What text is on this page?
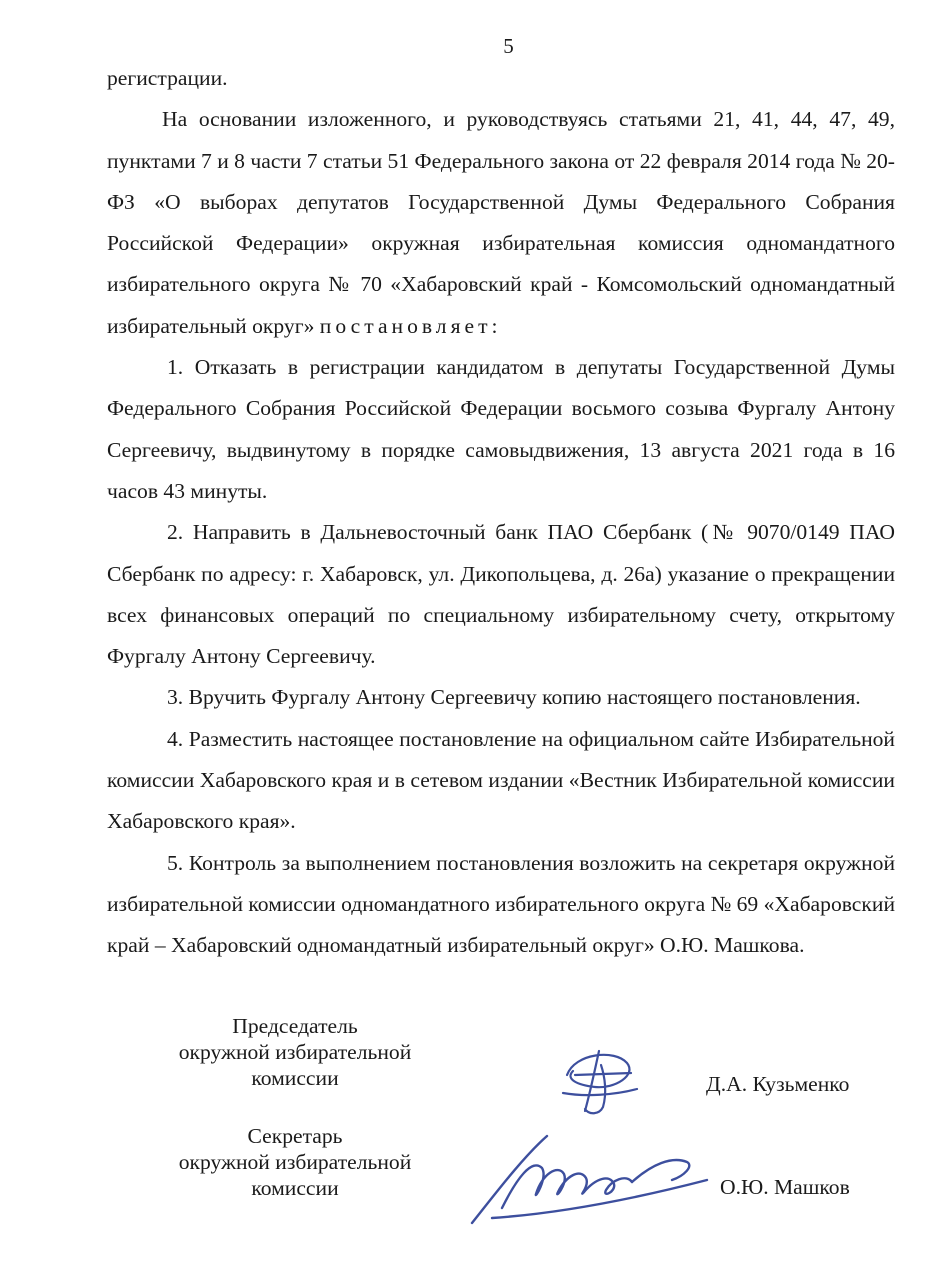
5

регистрации.

На основании изложенного, и руководствуясь статьями 21, 41, 44, 47, 49, пунктами 7 и 8 части 7 статьи 51 Федерального закона от 22 февраля 2014 года № 20-ФЗ «О выборах депутатов Государственной Думы Федерального Собрания Российской Федерации» окружная избирательная комиссия одномандатного избирательного округа № 70 «Хабаровский край - Комсомольский одномандатный избирательный округ» постановляет:

1. Отказать в регистрации кандидатом в депутаты Государственной Думы Федерального Собрания Российской Федерации восьмого созыва Фургалу Антону Сергеевичу, выдвинутому в порядке самовыдвижения, 13 августа 2021 года в 16 часов 43 минуты.

2. Направить в Дальневосточный банк ПАО Сбербанк (№ 9070/0149 ПАО Сбербанк по адресу: г. Хабаровск, ул. Дикопольцева, д. 26а) указание о прекращении всех финансовых операций по специальному избирательному счету, открытому Фургалу Антону Сергеевичу.

3. Вручить Фургалу Антону Сергеевичу копию настоящего постановления.

4. Разместить настоящее постановление на официальном сайте Избирательной комиссии Хабаровского края и в сетевом издании «Вестник Избирательной комиссии Хабаровского края».

5. Контроль за выполнением постановления возложить на секретаря окружной избирательной комиссии одномандатного избирательного округа № 69 «Хабаровский край – Хабаровский одномандатный избирательный округ» О.Ю. Машкова.

Председатель
окружной избирательной
комиссии	Д.А. Кузьменко
Секретарь
окружной избирательной
комиссии	О.Ю. Машков
